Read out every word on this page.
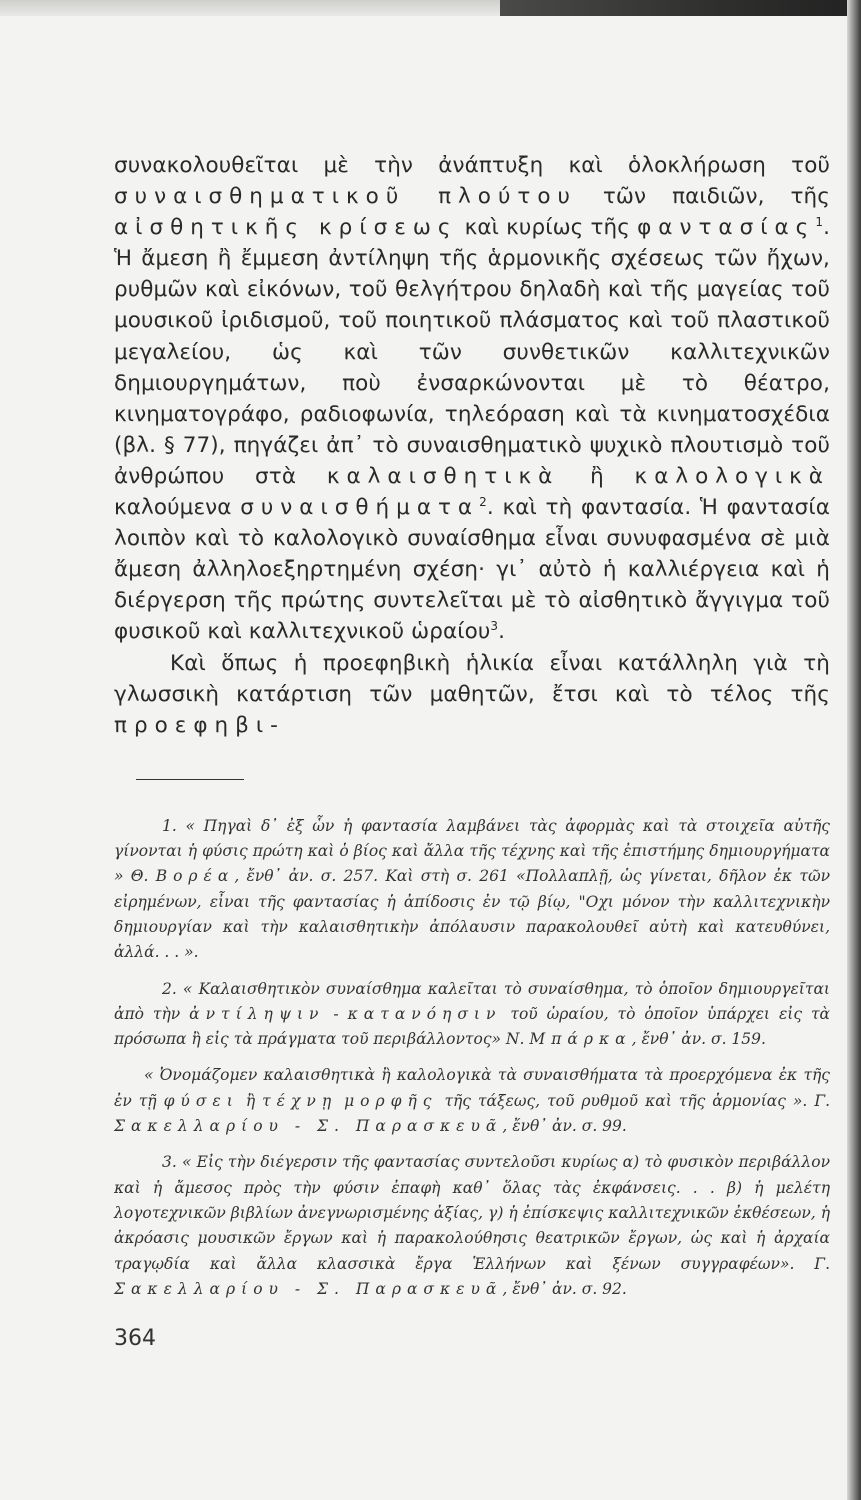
συνακολουθεῖται μὲ τὴν ἀνάπτυξη καὶ ὁλοκλήρωση τοῦ συναισθηματικοῦ πλούτου τῶν παιδιῶν, τῆς αἰσθητικῆς κρίσεως καὶ κυρίως τῆς φαντασίας$^1$. Ἡ ἄμεση ἢ ἔμμεση ἀντίληψη τῆς ἁρμονικῆς σχέσεως τῶν ἤχων, ρυθμῶν καὶ εἰκόνων, τοῦ θελγήτρου δηλαδὴ καὶ τῆς μαγείας τοῦ μουσικοῦ ἰριδισμοῦ, τοῦ ποιητικοῦ πλάσματος καὶ τοῦ πλαστικοῦ μεγαλείου, ὡς καὶ τῶν συνθετικῶν καλλιτεχνικῶν δημιουργημάτων, ποὺ ἐνσαρκώνονται μὲ τὸ θέατρο, κινηματογράφο, ραδιοφωνία, τηλεόραση καὶ τὰ κινηματοσχέδια (βλ. § 77), πηγάζει ἀπ᾿ τὸ συναισθηματικὸ ψυχικὸ πλουτισμὸ τοῦ ἀνθρώπου στὰ καλαισθητικὰ ἢ καλολογικὰ καλούμενα συναισθήματα$^2$. καὶ τὴ φαντασία. Ἡ φαντασία λοιπὸν καὶ τὸ καλολογικὸ συναίσθημα εἶναι συνυφασμένα σὲ μιὰ ἄμεση ἀλληλοεξηρτημένη σχέση· γι᾿ αὐτὸ ἡ καλλιέργεια καὶ ἡ διέργερση τῆς πρώτης συντελεῖται μὲ τὸ αἰσθητικὸ ἄγγιγμα τοῦ φυσικοῦ καὶ καλλιτεχνικοῦ ὡραίου$^3$.

Καὶ ὅπως ἡ προεφηβικὴ ἡλικία εἶναι κατάλληλη γιὰ τὴ γλωσσικὴ κατάρτιση τῶν μαθητῶν, ἔτσι καὶ τὸ τέλος τῆς προεφηβι-

1. « Πηγαὶ δ᾿ ἐξ ὧν ἡ φαντασία λαμβάνει τὰς ἀφορμὰς καὶ τὰ στοιχεῖα αὐτῆς γίνονται ἡ φύσις πρώτη καὶ ὁ βίος καὶ ἄλλα τῆς τέχνης καὶ τῆς ἐπιστήμης δημιουργήματα » Θ. Βορέα, ἔνθ᾿ ἀν. σ. 257. Καὶ στὴ σ. 261 «Πολλαπλῇ, ὡς γίνεται, δῆλον ἐκ τῶν εἰρημένων, εἶναι τῆς φαντασίας ἡ ἀπίδοσις ἐν τῷ βίῳ, "Οχι μόνον τὴν καλλιτεχνικὴν δημιουργίαν καὶ τὴν καλαισθητικὴν ἀπόλαυσιν παρακολουθεῖ αὐτὴ καὶ κατευθύνει, ἀλλά. . . ».

2. « Καλαισθητικὸν συναίσθημα καλεῖται τὸ συναίσθημα, τὸ ὁποῖον δημιουργεῖται ἀπὸ τὴν ἀντίληψιν - κατανόησιν τοῦ ὡραίου, τὸ ὁποῖον ὑπάρχει εἰς τὰ πρόσωπα ἢ εἰς τὰ πράγματα τοῦ περιβάλλοντος» Ν. Μπάρκα, ἔνθ᾿ ἀν. σ. 159.

« Ὀνομάζομεν καλαισθητικὰ ἢ καλολογικὰ τὰ συναισθήματα τὰ προερχόμενα ἐκ τῆς ἐν τῇ φύσει ἢ τέχνῃ μορφῆς τῆς τάξεως, τοῦ ρυθμοῦ καὶ τῆς ἁρμονίας ». Γ. Σακελλαρίου - Σ. Παρασκευᾶ, ἔνθ᾿ ἀν. σ. 99.

3. « Εἰς τὴν διέγερσιν τῆς φαντασίας συντελοῦσι κυρίως α) τὸ φυσικὸν περιβάλλον καὶ ἡ ἄμεσος πρὸς τὴν φύσιν ἐπαφὴ καθ᾿ ὅλας τὰς ἐκφάνσεις. . . β) ἡ μελέτη λογοτεχνικῶν βιβλίων ἀνεγνωρισμένης ἀξίας, γ) ἡ ἐπίσκεψις καλλιτεχνικῶν ἐκθέσεων, ἡ ἀκρόασις μουσικῶν ἔργων καὶ ἡ παρακολούθησις θεατρικῶν ἔργων, ὡς καὶ ἡ ἀρχαία τραγῳδία καὶ ἄλλα κλασσικὰ ἔργα Ἑλλήνων καὶ ξένων συγγραφέων». Γ. Σακελλαρίου - Σ. Παρασκευᾶ, ἔνθ᾿ ἀν. σ. 92.

364
